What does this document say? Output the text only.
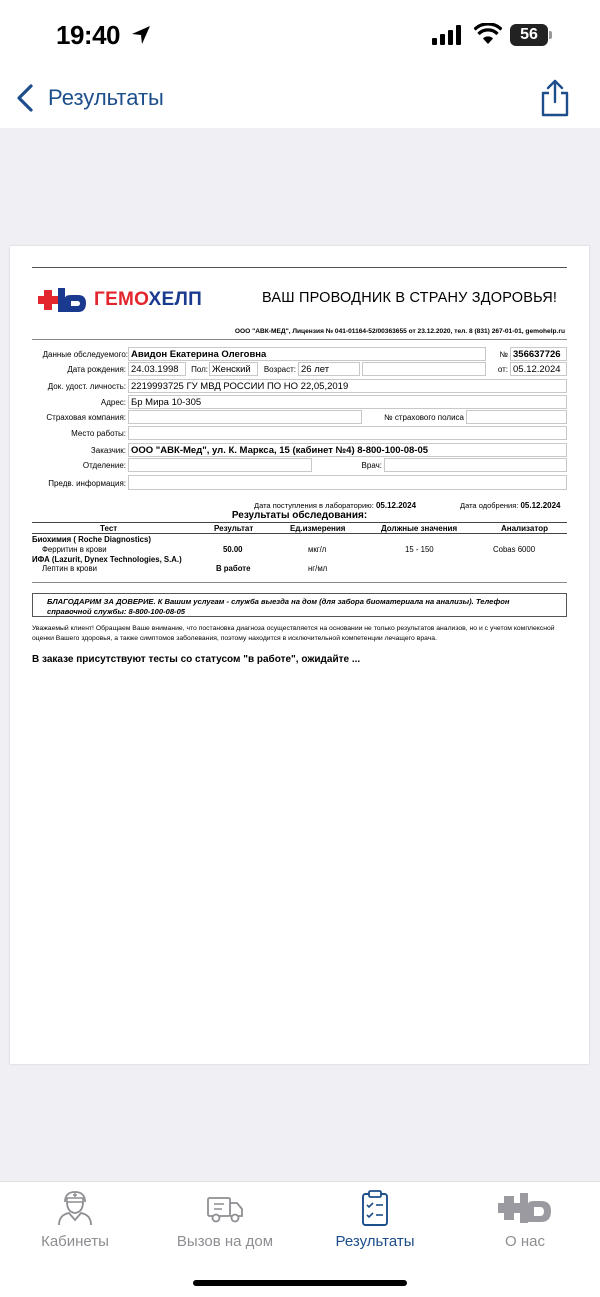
19:40	56
Результаты
ГЕМОХЕЛП	ВАШ ПРОВОДНИК В СТРАНУ ЗДОРОВЬЯ!
ООО "АВК-МЕД", Лицензия № 041-01164-52/00363655 от 23.12.2020, тел. 8 (831) 267-01-01, gemohelp.ru
Данные обследуемого: Авидон Екатерина Олеговна	№ 356637726
Дата рождения: 24.03.1998	Пол: Женский	Возраст: 26 лет	от: 05.12.2024
Док. удост. личность: 2219993725 ГУ МВД РОССИИ ПО НО 22,05,2019
Адрес: Бр Мира 10-305
Страховая компания:	№ страхового полиса
Место работы:
Заказчик: ООО "АВК-Мед", ул. К. Маркса, 15 (кабинет №4) 8-800-100-08-05
Отделение:	Врач:
Предв. информация:
Дата поступления в лабораторию: 05.12.2024	Дата одобрения: 05.12.2024
Результаты обследования:
Тест	Результат	Ед.измерения	Должные значения	Анализатор
Биохимия ( Roche Diagnostics)
Ферритин в крови	50.00	мкг/л	15 - 150	Cobas 6000
ИФА (Lazurit, Dynex Technologies, S.A.)
Лептин в крови	В работе	нг/мл
БЛАГОДАРИМ ЗА ДОВЕРИЕ. К Вашим услугам - служба выезда на дом (для забора биоматериала на анализы). Телефон справочной службы: 8-800-100-08-05
Уважаемый клиент! Обращаем Ваше внимание, что постановка диагноза осуществляется на основании не только результатов анализов, но и с учетом комплексной оценки Вашего здоровья, а также симптомов заболевания, поэтому находится в исключительной компетенции лечащего врача.
В заказе присутствуют тесты со статусом "в работе", ожидайте ...
Кабинеты	Вызов на дом	Результаты	О нас
